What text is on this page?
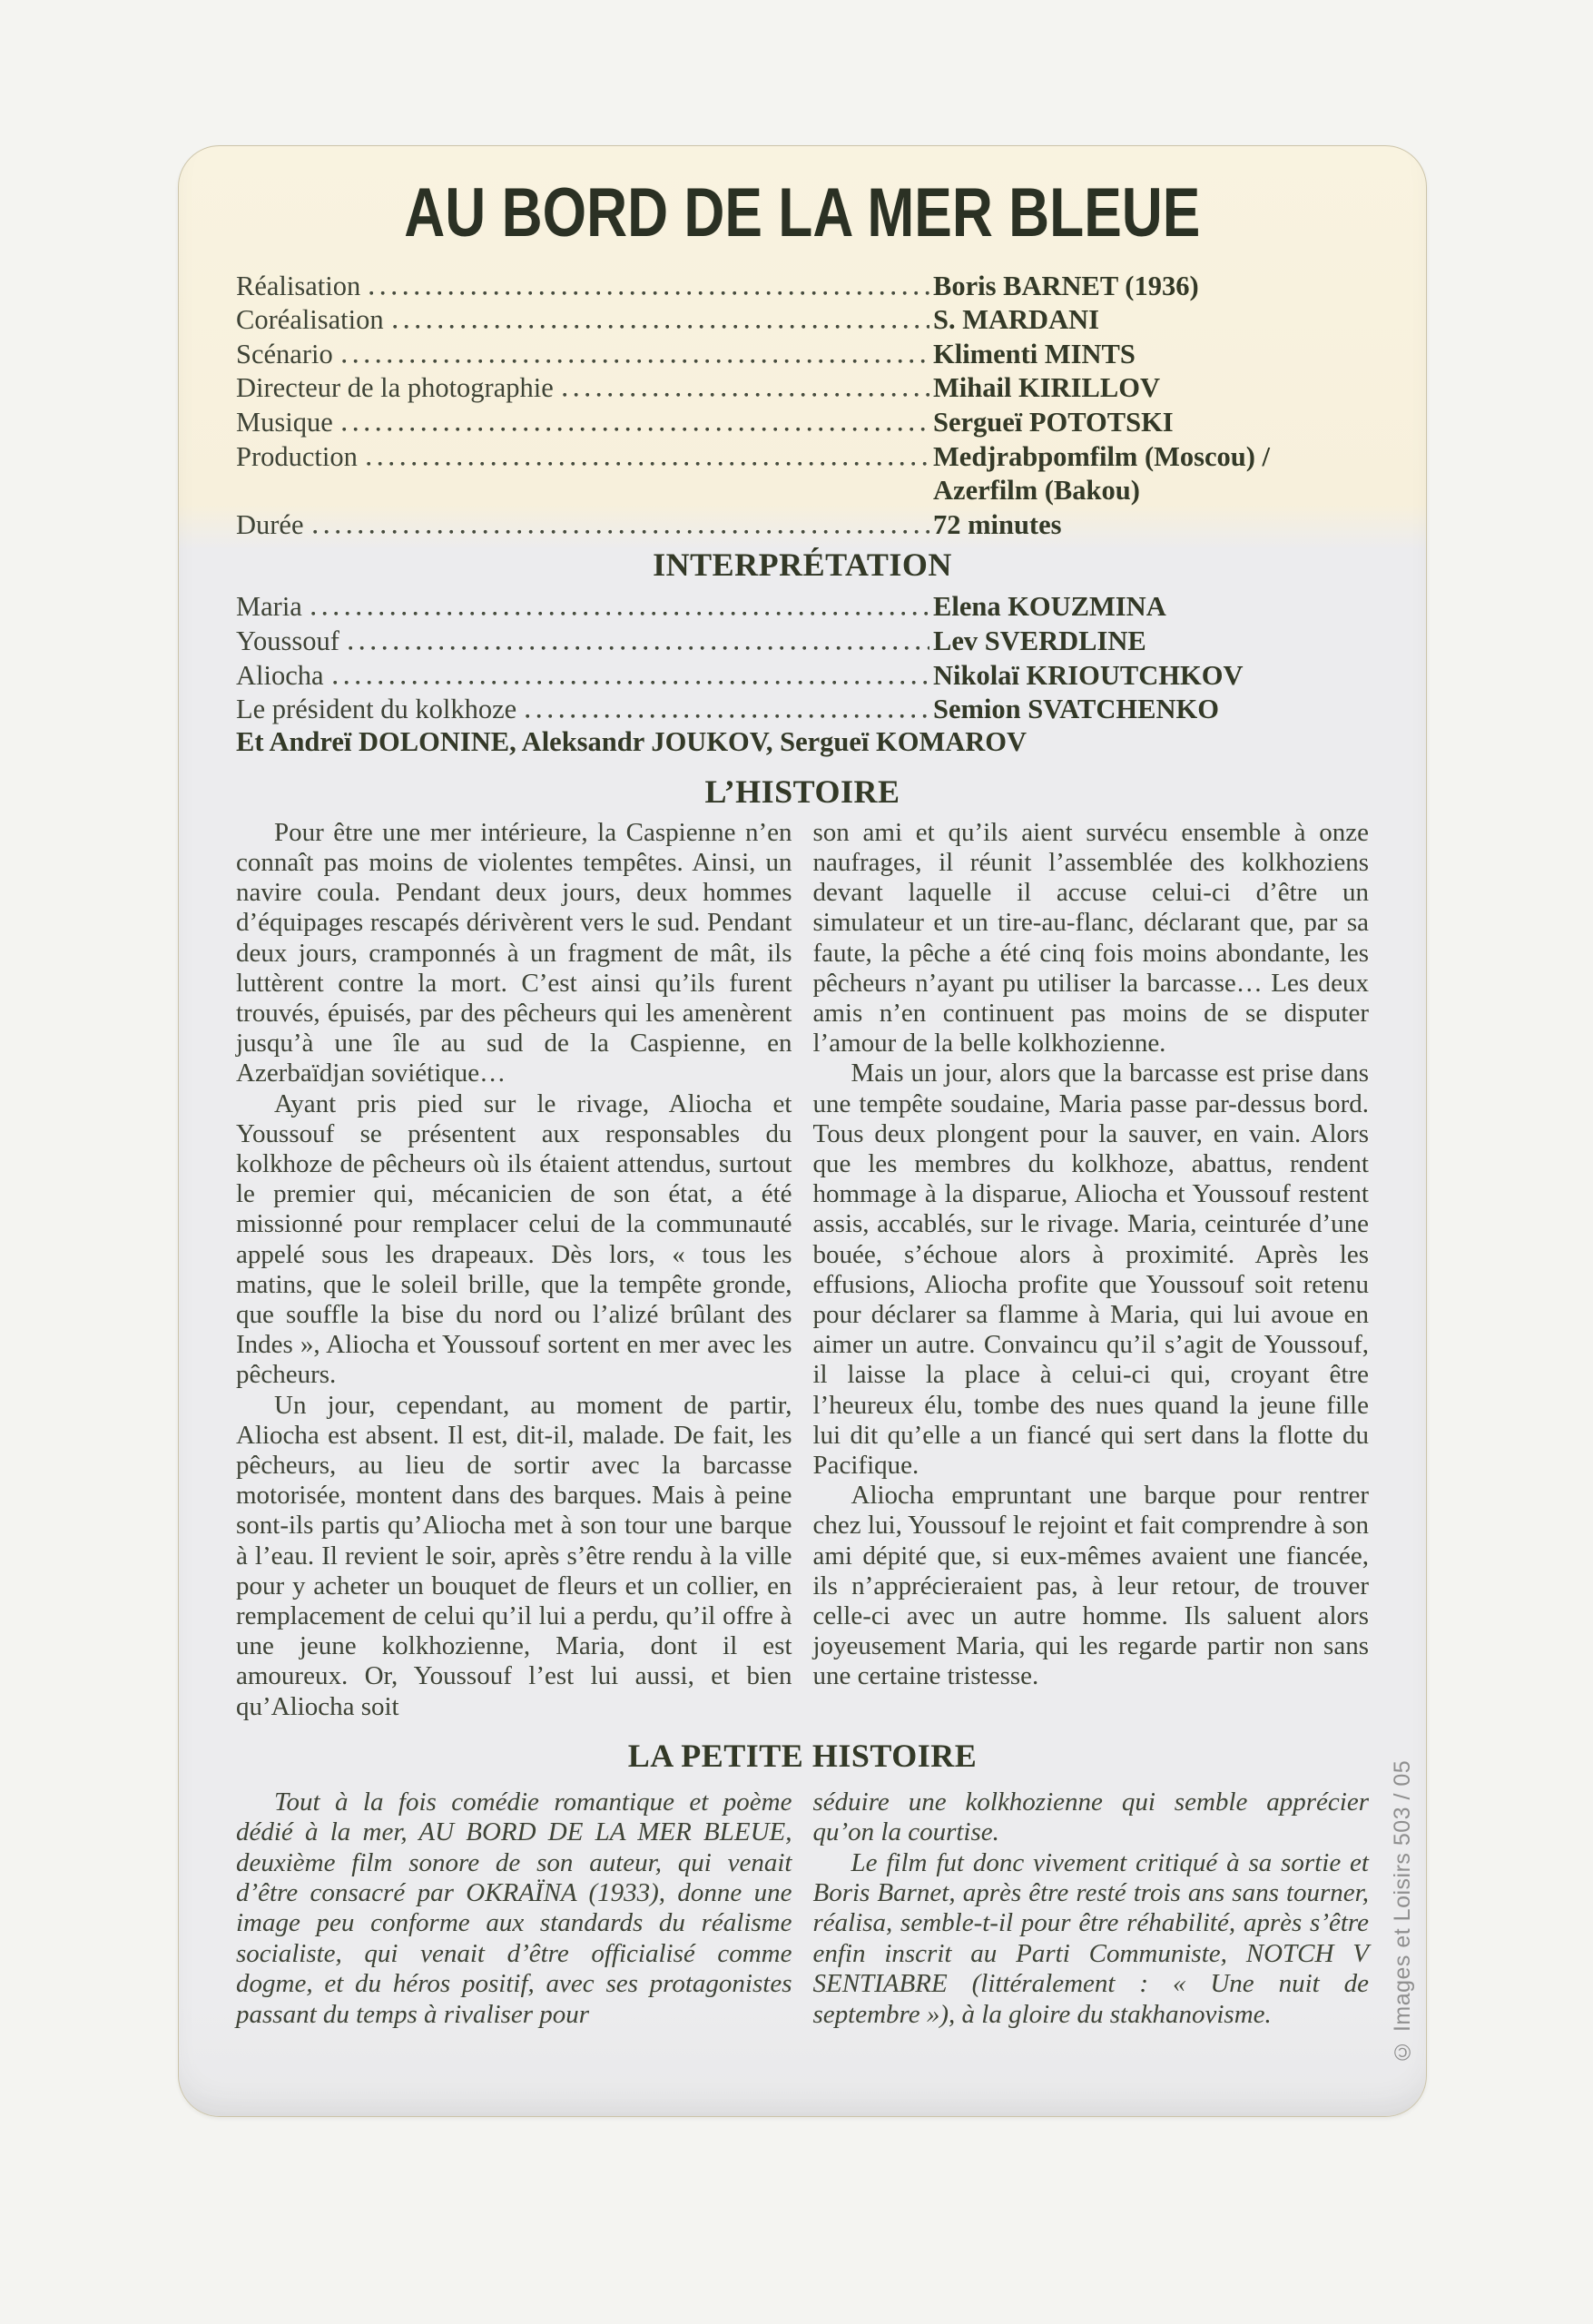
AU BORD DE LA MER BLEUE
Réalisation	Boris BARNET (1936)
Coréalisation	S. MARDANI
Scénario	Klimenti MINTS
Directeur de la photographie	Mihail KIRILLOV
Musique	Sergueï POTOTSKI
Production	Medjrabpomfilm (Moscou) /
Azerfilm (Bakou)
Durée	72 minutes
INTERPRÉTATION
Maria	Elena KOUZMINA
Youssouf	Lev SVERDLINE
Aliocha	Nikolaï KRIOUTCHKOV
Le président du kolkhoze	Semion SVATCHENKO
Et Andreï DOLONINE, Aleksandr JOUKOV, Sergueï KOMAROV
L’HISTOIRE

Pour être une mer intérieure, la Caspienne n’en connaît pas moins de violentes tempêtes. Ainsi, un navire coula. Pendant deux jours, deux hommes d’équipages rescapés dérivèrent vers le sud. Pendant deux jours, cramponnés à un fragment de mât, ils luttèrent contre la mort. C’est ainsi qu’ils furent trouvés, épuisés, par des pêcheurs qui les amenèrent jusqu’à une île au sud de la Caspienne, en Azerbaïdjan soviétique…

Ayant pris pied sur le rivage, Aliocha et Youssouf se présentent aux responsables du kolkhoze de pêcheurs où ils étaient attendus, surtout le premier qui, mécanicien de son état, a été missionné pour remplacer celui de la communauté appelé sous les drapeaux. Dès lors, « tous les matins, que le soleil brille, que la tempête gronde, que souffle la bise du nord ou l’alizé brûlant des Indes », Aliocha et Youssouf sortent en mer avec les pêcheurs.

Un jour, cependant, au moment de partir, Aliocha est absent. Il est, dit-il, malade. De fait, les pêcheurs, au lieu de sortir avec la barcasse motorisée, montent dans des barques. Mais à peine sont-ils partis qu’Aliocha met à son tour une barque à l’eau. Il revient le soir, après s’être rendu à la ville pour y acheter un bouquet de fleurs et un collier, en remplacement de celui qu’il lui a perdu, qu’il offre à une jeune kolkhozienne, Maria, dont il est amoureux. Or, Youssouf l’est lui aussi, et bien qu’Aliocha soit

son ami et qu’ils aient survécu ensemble à onze naufrages, il réunit l’assemblée des kolkhoziens devant laquelle il accuse celui-ci d’être un simulateur et un tire-au-flanc, déclarant que, par sa faute, la pêche a été cinq fois moins abondante, les pêcheurs n’ayant pu utiliser la barcasse… Les deux amis n’en continuent pas moins de se disputer l’amour de la belle kolkhozienne.

Mais un jour, alors que la barcasse est prise dans une tempête soudaine, Maria passe par-dessus bord. Tous deux plongent pour la sauver, en vain. Alors que les membres du kolkhoze, abattus, rendent hommage à la disparue, Aliocha et Youssouf restent assis, accablés, sur le rivage. Maria, ceinturée d’une bouée, s’échoue alors à proximité. Après les effusions, Aliocha profite que Youssouf soit retenu pour déclarer sa flamme à Maria, qui lui avoue en aimer un autre. Convaincu qu’il s’agit de Youssouf, il laisse la place à celui-ci qui, croyant être l’heureux élu, tombe des nues quand la jeune fille lui dit qu’elle a un fiancé qui sert dans la flotte du Pacifique.

Aliocha empruntant une barque pour rentrer chez lui, Youssouf le rejoint et fait comprendre à son ami dépité que, si eux-mêmes avaient une fiancée, ils n’apprécieraient pas, à leur retour, de trouver celle-ci avec un autre homme. Ils saluent alors joyeusement Maria, qui les regarde partir non sans une certaine tristesse.

LA PETITE HISTOIRE

Tout à la fois comédie romantique et poème dédié à la mer, AU BORD DE LA MER BLEUE, deuxième film sonore de son auteur, qui venait d’être consacré par OKRAÏNA (1933), donne une image peu conforme aux standards du réalisme socialiste, qui venait d’être officialisé comme dogme, et du héros positif, avec ses protagonistes passant du temps à rivaliser pour

séduire une kolkhozienne qui semble apprécier qu’on la courtise.

Le film fut donc vivement critiqué à sa sortie et Boris Barnet, après être resté trois ans sans tourner, réalisa, semble-t-il pour être réhabilité, après s’être enfin inscrit au Parti Communiste, NOTCH V SENTIABRE (littéralement : « Une nuit de septembre »), à la gloire du stakhanovisme.	© Images et Loisirs 503 / 05
